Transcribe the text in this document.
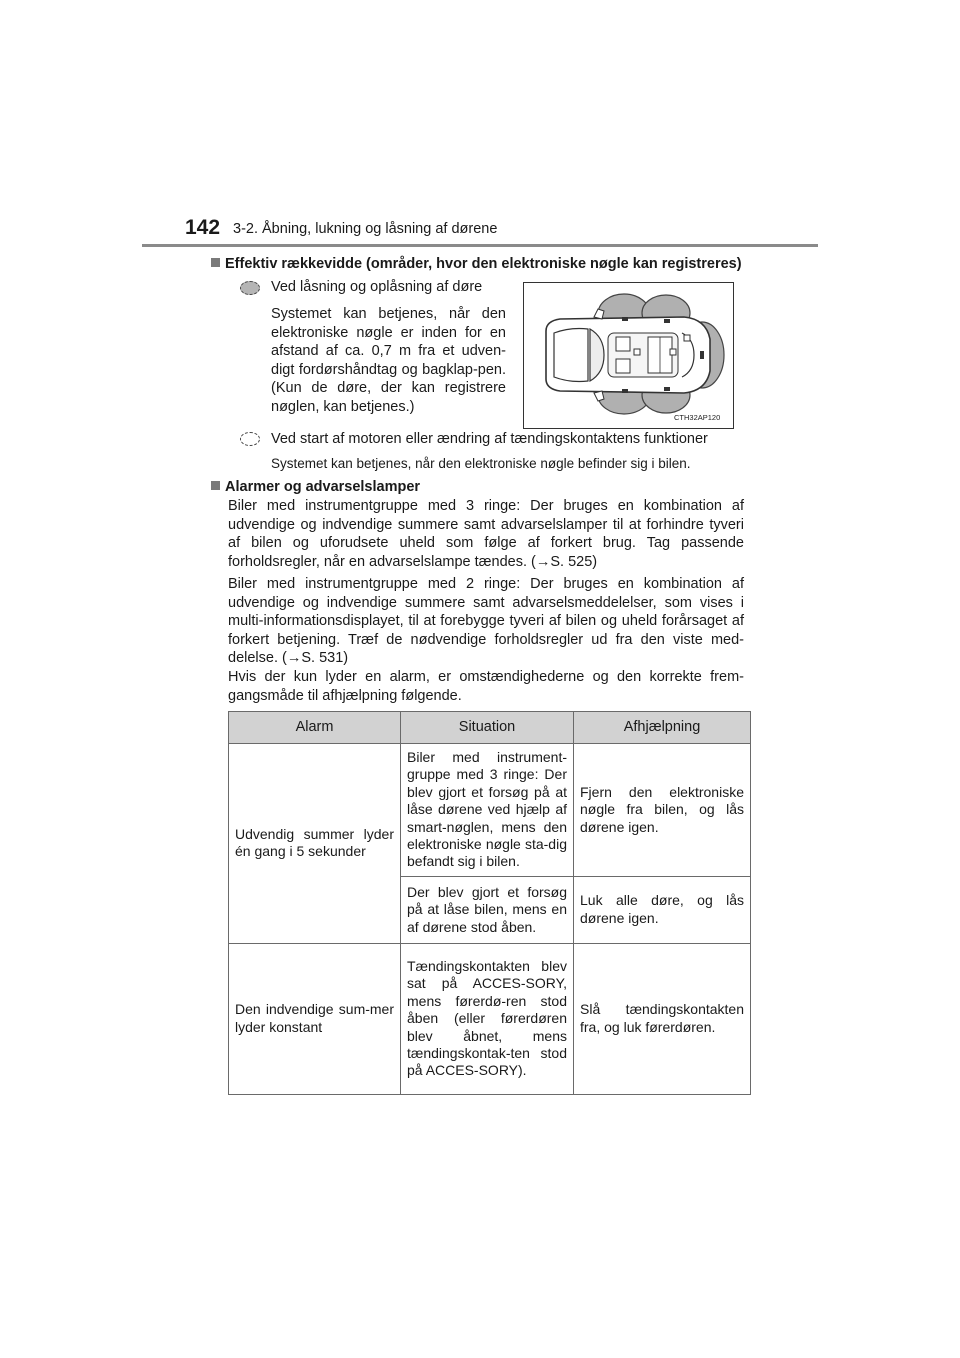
142 3-2. Åbning, lukning og låsning af dørene
Effektiv rækkevidde (områder, hvor den elektroniske nøgle kan registreres)
Ved låsning og oplåsning af døre
Systemet kan betjenes, når den elektroniske nøgle er inden for en afstand af ca. 0,7 m fra et udven-digt fordørshåndtag og bagklap-pen. (Kun de døre, der kan registrere nøglen, kan betjenes.)
CTH32AP120
Ved start af motoren eller ændring af tændingskontaktens funktioner
Systemet kan betjenes, når den elektroniske nøgle befinder sig i bilen.
Alarmer og advarselslamper
Biler med instrumentgruppe med 3 ringe: Der bruges en kombination af udvendige og indvendige summere samt advarselslamper til at forhindre tyveri af bilen og uforudsete uheld som følge af forkert brug. Tag passende forholdsregler, når en advarselslampe tændes. (→S. 525)
Biler med instrumentgruppe med 2 ringe: Der bruges en kombination af udvendige og indvendige summere samt advarselsmeddelelser, som vises i multi-informationsdisplayet, til at forebygge tyveri af bilen og uheld forårsaget af forkert betjening. Træf de nødvendige forholdsregler ud fra den viste med-delelse. (→S. 531)
Hvis der kun lyder en alarm, er omstændighederne og den korrekte frem-gangsmåde til afhjælpning følgende.
Alarm	Situation	Afhjælpning
Udvendig summer lyder én gang i 5 sekunder	Biler med instrument-gruppe med 3 ringe: Der blev gjort et forsøg på at låse dørene ved hjælp af smart-nøglen, mens den elektroniske nøgle sta-dig befandt sig i bilen.	Fjern den elektroniske nøgle fra bilen, og lås dørene igen.
	Der blev gjort et forsøg på at låse bilen, mens en af dørene stod åben.	Luk alle døre, og lås dørene igen.
Den indvendige sum-mer lyder konstant	Tændingskontakten blev sat på ACCES-SORY, mens førerdø-ren stod åben (eller førerdøren blev åbnet, mens tændingskontak-ten stod på ACCES-SORY).	Slå tændingskontakten fra, og luk førerdøren.
